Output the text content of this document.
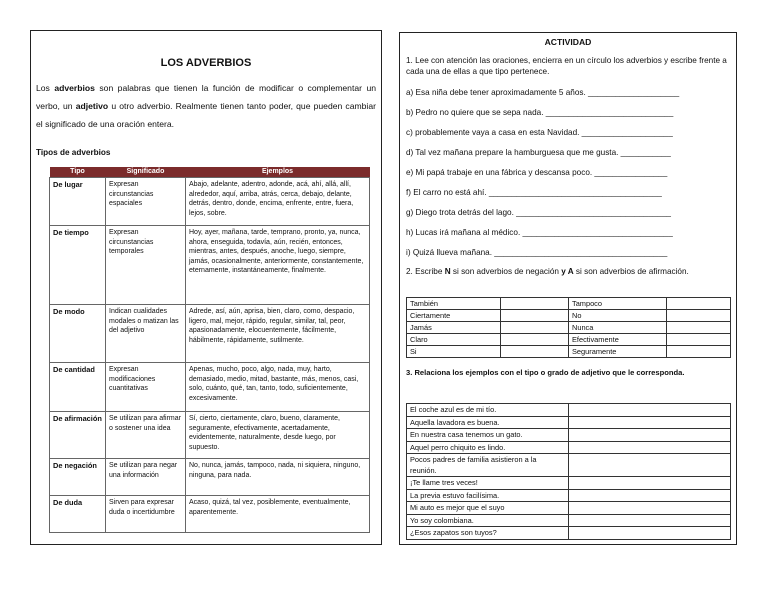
LOS ADVERBIOS
Los adverbios son palabras que tienen la función de modificar o complementar un verbo, un adjetivo u otro adverbio. Realmente tienen tanto poder, que pueden cambiar el significado de una oración entera.
Tipos de adverbios
Tipo	Significado	Ejemplos
De lugar	Expresan circunstancias espaciales	Abajo, adelante, adentro, adonde, acá, ahí, allá, allí, alrededor, aquí, arriba, atrás, cerca, debajo, delante, detrás, dentro, donde, encima, enfrente, entre, fuera, lejos, sobre.
De tiempo	Expresan circunstancias temporales	Hoy, ayer, mañana, tarde, temprano, pronto, ya, nunca, ahora, enseguida, todavía, aún, recién, entonces, mientras, antes, después, anoche, luego, siempre, jamás, ocasionalmente, anteriormente, constantemente, eternamente, instantáneamente, finalmente.
De modo	Indican cualidades modales o matizan las del adjetivo	Adrede, así, aún, aprisa, bien, claro, como, despacio, ligero, mal, mejor, rápido, regular, similar, tal, peor, apasionadamente, elocuentemente, fácilmente, hábilmente, rápidamente, sutilmente.
De cantidad	Expresan modificaciones cuantitativas	Apenas, mucho, poco, algo, nada, muy, harto, demasiado, medio, mitad, bastante, más, menos, casi, solo, cuánto, qué, tan, tanto, todo, suficientemente, excesivamente.
De afirmación	Se utilizan para afirmar o sostener una idea	Sí, cierto, ciertamente, claro, bueno, claramente, seguramente, efectivamente, acertadamente, evidentemente, naturalmente, desde luego, por supuesto.
De negación	Se utilizan para negar una información	No, nunca, jamás, tampoco, nada, ni siquiera, ninguno, ninguna, para nada.
De duda	Sirven para expresar duda o incertidumbre	Acaso, quizá, tal vez, posiblemente, eventualmente, aparentemente.
ACTIVIDAD
1. Lee con atención las oraciones, encierra en un círculo los adverbios y escribe frente a cada una de ellas a que tipo pertenece.
a) Esa niña debe tener aproximadamente 5 años. ____________________
b) Pedro no quiere que se sepa nada. ____________________________
c) probablemente vaya a casa en esta Navidad. ____________________
d) Tal vez mañana prepare la hamburguesa que me gusta. ___________
e) Mi papá trabaje en una fábrica y descansa poco. ________________
f) El carro no está ahí. ______________________________________
g) Diego trota detrás del lago. __________________________________
h) Lucas irá mañana al médico. _________________________________
i) Quizá llueva mañana. ______________________________________
2. Escribe N si son adverbios de negación y A si son adverbios de afirmación.
También		Tampoco	
Ciertamente		No	
Jamás		Nunca	
Claro		Efectivamente	
Si		Seguramente	
3. Relaciona los ejemplos con el tipo o grado de adjetivo que le corresponda.
El coche azul es de mi tío.	
Aquella lavadora es buena.	
En nuestra casa tenemos un gato.	
Aquel perro chiquito es lindo.	
Pocos padres de familia asistieron a la reunión.	
¡Te llame tres veces!	
La previa estuvo facilísima.	
Mi auto es mejor que el suyo	
Yo soy colombiana.	
¿Esos zapatos son tuyos?	
